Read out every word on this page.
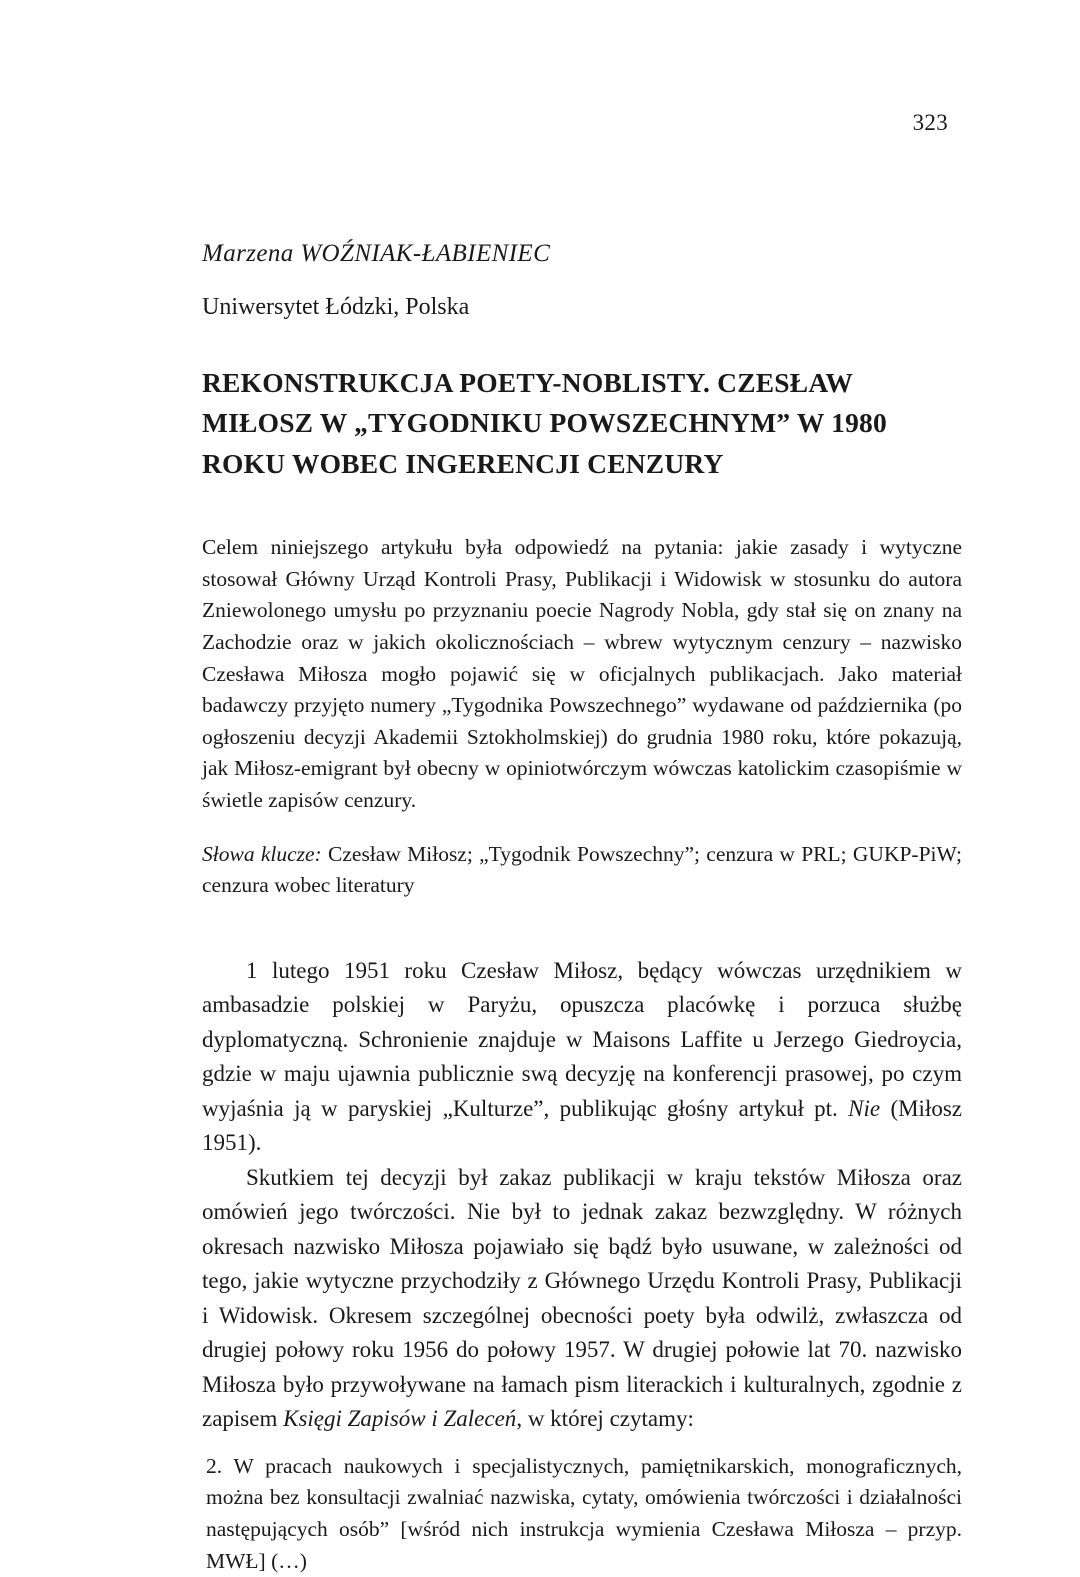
323
Marzena WOŹNIAK-ŁABIENIEC
Uniwersytet Łódzki, Polska
REKONSTRUKCJA POETY-NOBLISTY. CZESŁAW MIŁOSZ W „TYGODNIKU POWSZECHNYM” W 1980 ROKU WOBEC INGERENCJI CENZURY

Celem niniejszego artykułu była odpowiedź na pytania: jakie zasady i wytyczne stosował Główny Urząd Kontroli Prasy, Publikacji i Widowisk w stosunku do autora Zniewolonego umysłu po przyznaniu poecie Nagrody Nobla, gdy stał się on znany na Zachodzie oraz w jakich okolicznościach – wbrew wytycznym cenzury – nazwisko Czesława Miłosza mogło pojawić się w oficjalnych publikacjach. Jako materiał badawczy przyjęto numery „Tygodnika Powszechnego” wydawane od października (po ogłoszeniu decyzji Akademii Sztokholmskiej) do grudnia 1980 roku, które pokazują, jak Miłosz-emigrant był obecny w opiniotwórczym wówczas katolickim czasopiśmie w świetle zapisów cenzury.

Słowa klucze: Czesław Miłosz; „Tygodnik Powszechny”; cenzura w PRL; GUKP-PiW; cenzura wobec literatury

1 lutego 1951 roku Czesław Miłosz, będący wówczas urzędnikiem w ambasadzie polskiej w Paryżu, opuszcza placówkę i porzuca służbę dyplomatyczną. Schronienie znajduje w Maisons Laffite u Jerzego Giedroycia, gdzie w maju ujawnia publicznie swą decyzję na konferencji prasowej, po czym wyjaśnia ją w paryskiej „Kulturze”, publikując głośny artykuł pt. Nie (Miłosz 1951).

Skutkiem tej decyzji był zakaz publikacji w kraju tekstów Miłosza oraz omówień jego twórczości. Nie był to jednak zakaz bezwzględny. W różnych okresach nazwisko Miłosza pojawiało się bądź było usuwane, w zależności od tego, jakie wytyczne przychodziły z Głównego Urzędu Kontroli Prasy, Publikacji i Widowisk. Okresem szczególnej obecności poety była odwilż, zwłaszcza od drugiej połowy roku 1956 do połowy 1957. W drugiej połowie lat 70. nazwisko Miłosza było przywoływane na łamach pism literackich i kulturalnych, zgodnie z zapisem Księgi Zapisów i Zaleceń, w której czytamy:

2. W pracach naukowych i specjalistycznych, pamiętnikarskich, monograficznych, można bez konsultacji zwalniać nazwiska, cytaty, omówienia twórczości i działalności następujących osób” [wśród nich instrukcja wymienia Czesława Miłosza – przyp. MWŁ] (…)
